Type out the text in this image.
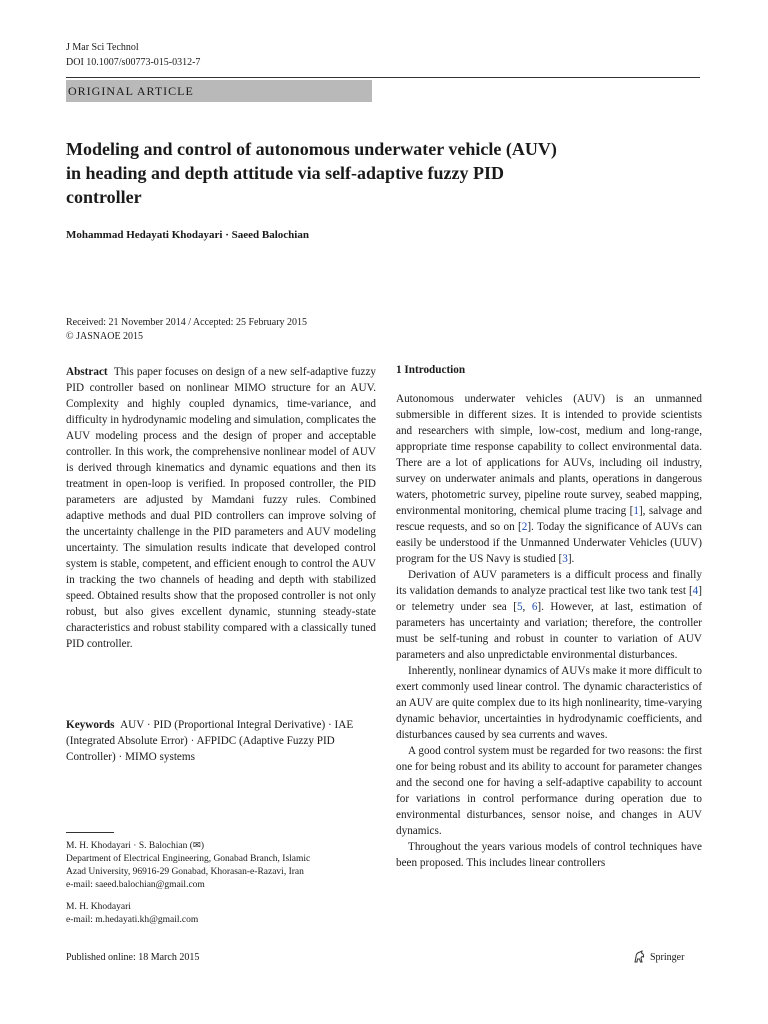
J Mar Sci Technol
DOI 10.1007/s00773-015-0312-7
ORIGINAL ARTICLE
Modeling and control of autonomous underwater vehicle (AUV)
in heading and depth attitude via self-adaptive fuzzy PID
controller
Mohammad Hedayati Khodayari · Saeed Balochian
Received: 21 November 2014 / Accepted: 25 February 2015
© JASNAOE 2015

Abstract This paper focuses on design of a new self-adaptive fuzzy PID controller based on nonlinear MIMO structure for an AUV. Complexity and highly coupled dynamics, time-variance, and difficulty in hydrodynamic modeling and simulation, complicates the AUV modeling process and the design of proper and acceptable controller. In this work, the comprehensive nonlinear model of AUV is derived through kinematics and dynamic equations and then its treatment in open-loop is verified. In proposed controller, the PID parameters are adjusted by Mamdani fuzzy rules. Combined adaptive methods and dual PID controllers can improve solving of the uncertainty challenge in the PID parameters and AUV modeling uncertainty. The simulation results indicate that developed control system is stable, competent, and efficient enough to control the AUV in tracking the two channels of heading and depth with stabilized speed. Obtained results show that the proposed controller is not only robust, but also gives excellent dynamic, stunning steady-state characteristics and robust stability compared with a classically tuned PID controller.

Keywords AUV · PID (Proportional Integral Derivative) · IAE (Integrated Absolute Error) · AFPIDC (Adaptive Fuzzy PID Controller) · MIMO systems

M. H. Khodayari · S. Balochian (✉)
Department of Electrical Engineering, Gonabad Branch, Islamic
Azad University, 96916-29 Gonabad, Khorasan-e-Razavi, Iran
e-mail: saeed.balochian@gmail.com
M. H. Khodayari
e-mail: m.hedayati.kh@gmail.com
1 Introduction

Autonomous underwater vehicles (AUV) is an unmanned submersible in different sizes. It is intended to provide scientists and researchers with simple, low-cost, medium and long-range, appropriate time response capability to collect environmental data. There are a lot of applications for AUVs, including oil industry, survey on underwater animals and plants, operations in dangerous waters, photometric survey, pipeline route survey, seabed mapping, environmental monitoring, chemical plume tracing [1], salvage and rescue requests, and so on [2]. Today the significance of AUVs can easily be understood if the Unmanned Underwater Vehicles (UUV) program for the US Navy is studied [3].

Derivation of AUV parameters is a difficult process and finally its validation demands to analyze practical test like two tank test [4] or telemetry under sea [5, 6]. However, at last, estimation of parameters has uncertainty and variation; therefore, the controller must be self-tuning and robust in counter to variation of AUV parameters and also unpredictable environmental disturbances.

Inherently, nonlinear dynamics of AUVs make it more difficult to exert commonly used linear control. The dynamic characteristics of an AUV are quite complex due to its high nonlinearity, time-varying dynamic behavior, uncertainties in hydrodynamic coefficients, and disturbances caused by sea currents and waves.

A good control system must be regarded for two reasons: the first one for being robust and its ability to account for parameter changes and the second one for having a self-adaptive capability to account for variations in control performance during operation due to environmental disturbances, sensor noise, and changes in AUV dynamics.

Throughout the years various models of control techniques have been proposed. This includes linear controllers

Published online: 18 March 2015	Springer
